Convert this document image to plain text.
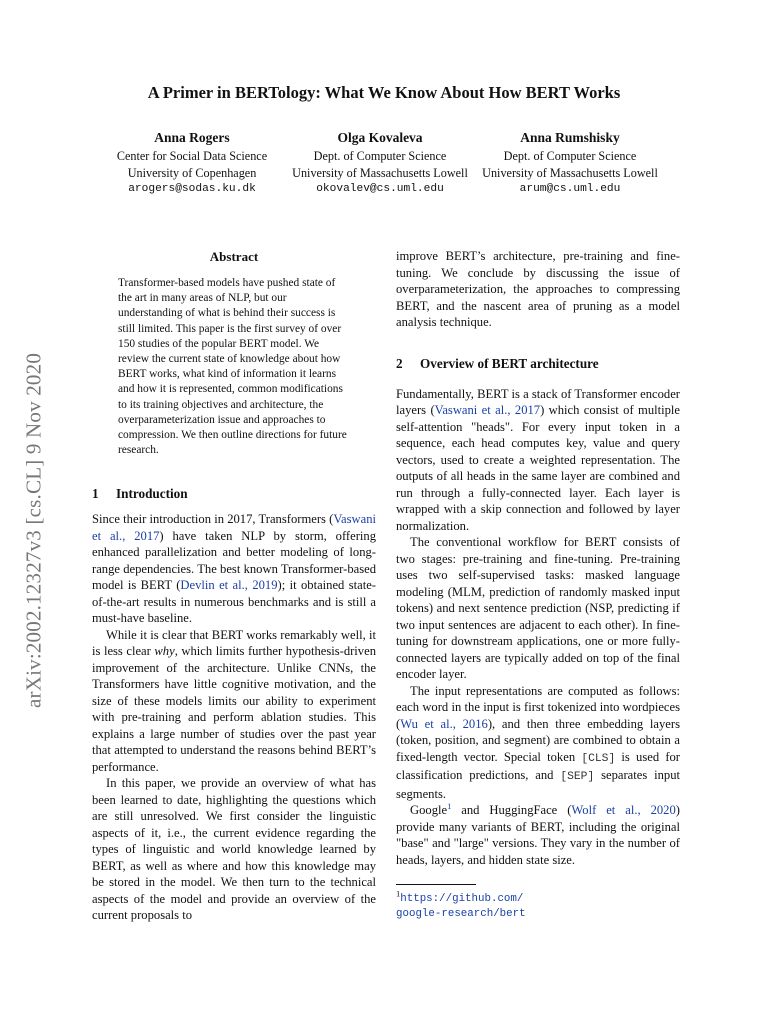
arXiv:2002.12327v3 [cs.CL] 9 Nov 2020
A Primer in BERTology: What We Know About How BERT Works
Anna Rogers
Center for Social Data Science
University of Copenhagen
arogers@sodas.ku.dk
Olga Kovaleva
Dept. of Computer Science
University of Massachusetts Lowell
okovalev@cs.uml.edu
Anna Rumshisky
Dept. of Computer Science
University of Massachusetts Lowell
arum@cs.uml.edu
Abstract
Transformer-based models have pushed state of the art in many areas of NLP, but our understanding of what is behind their success is still limited. This paper is the first survey of over 150 studies of the popular BERT model. We review the current state of knowledge about how BERT works, what kind of information it learns and how it is represented, common modifications to its training objectives and architecture, the overparameterization issue and approaches to compression. We then outline directions for future research.
1 Introduction

Since their introduction in 2017, Transformers (Vaswani et al., 2017) have taken NLP by storm, offering enhanced parallelization and better modeling of long-range dependencies. The best known Transformer-based model is BERT (Devlin et al., 2019); it obtained state-of-the-art results in numerous benchmarks and is still a must-have baseline.

While it is clear that BERT works remarkably well, it is less clear why, which limits further hypothesis-driven improvement of the architecture. Unlike CNNs, the Transformers have little cognitive motivation, and the size of these models limits our ability to experiment with pre-training and perform ablation studies. This explains a large number of studies over the past year that attempted to understand the reasons behind BERT’s performance.

In this paper, we provide an overview of what has been learned to date, highlighting the questions which are still unresolved. We first consider the linguistic aspects of it, i.e., the current evidence regarding the types of linguistic and world knowledge learned by BERT, as well as where and how this knowledge may be stored in the model. We then turn to the technical aspects of the model and provide an overview of the current proposals to

improve BERT’s architecture, pre-training and fine-tuning. We conclude by discussing the issue of overparameterization, the approaches to compressing BERT, and the nascent area of pruning as a model analysis technique.

2 Overview of BERT architecture

Fundamentally, BERT is a stack of Transformer encoder layers (Vaswani et al., 2017) which consist of multiple self-attention "heads". For every input token in a sequence, each head computes key, value and query vectors, used to create a weighted representation. The outputs of all heads in the same layer are combined and run through a fully-connected layer. Each layer is wrapped with a skip connection and followed by layer normalization.

The conventional workflow for BERT consists of two stages: pre-training and fine-tuning. Pre-training uses two self-supervised tasks: masked language modeling (MLM, prediction of randomly masked input tokens) and next sentence prediction (NSP, predicting if two input sentences are adjacent to each other). In fine-tuning for downstream applications, one or more fully-connected layers are typically added on top of the final encoder layer.

The input representations are computed as follows: each word in the input is first tokenized into wordpieces (Wu et al., 2016), and then three embedding layers (token, position, and segment) are combined to obtain a fixed-length vector. Special token [CLS] is used for classification predictions, and [SEP] separates input segments.

Google$^1$ and HuggingFace (Wolf et al., 2020) provide many variants of BERT, including the original "base" and "large" versions. They vary in the number of heads, layers, and hidden state size.

$^1$https://github.com/
google-research/bert
